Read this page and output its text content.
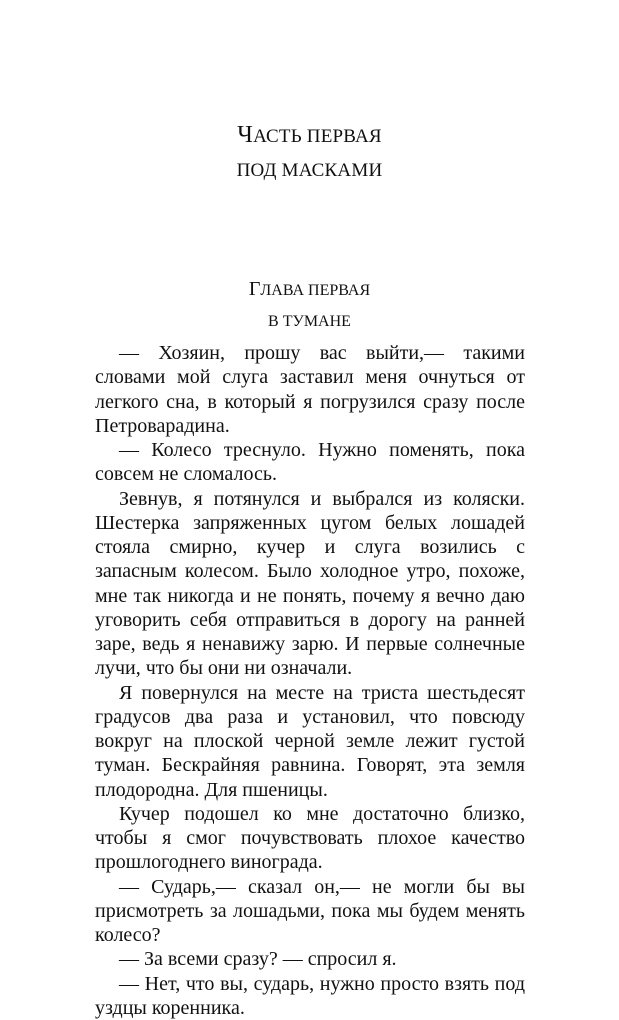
ЧАСТЬ ПЕРВАЯ
ПОД МАСКАМИ
ГЛАВА ПЕРВАЯ
В ТУМАНЕ

— Хозяин, прошу вас выйти,— такими словами мой слуга заставил меня очнуться от легкого сна, в который я погрузился сразу после Петроварадина.

— Колесо треснуло. Нужно поменять, пока совсем не сломалось.

Зевнув, я потянулся и выбрался из коляски. Шестерка запряженных цугом белых лошадей стояла смирно, кучер и слуга возились с запасным колесом. Было холодное утро, похоже, мне так никогда и не понять, почему я вечно даю уговорить себя отправиться в дорогу на ранней заре, ведь я ненавижу зарю. И первые солнечные лучи, что бы они ни означали.

Я повернулся на месте на триста шестьдесят градусов два раза и установил, что повсюду вокруг на плоской черной земле лежит густой туман. Бескрайняя равнина. Говорят, эта земля плодородна. Для пшеницы.

Кучер подошел ко мне достаточно близко, чтобы я смог почувствовать плохое качество прошлогоднего винограда.

— Сударь,— сказал он,— не могли бы вы присмотреть за лошадьми, пока мы будем менять колесо?

— За всеми сразу? — спросил я.

— Нет, что вы, сударь, нужно просто взять под уздцы коренника.
